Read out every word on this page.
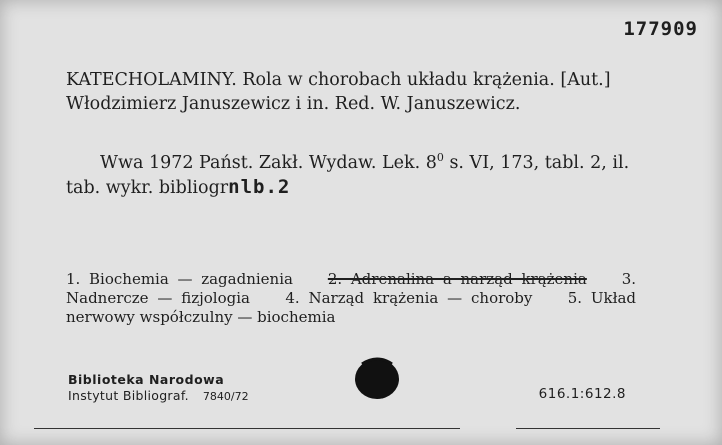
177909
KATECHOLAMINY. Rola w chorobach układu krążenia. [Aut.] Włodzimierz Januszewicz i in. Red. W. Januszewicz.
Wwa 1972 Państ. Zakł. Wydaw. Lek. $8^0$ s. VI, 173, tabl. 2, il. tab. wykr. bibliogrnlb.2
1. Biochemia — zagadnienia 2. Adrenalina a narząd krążenia 3. Nadnercze — fizjologia 4. Narząd krążenia — choroby 5. Układ nerwowy współczulny — biochemia
Biblioteka Narodowa
Instytut Bibliograf. 7840/72	616.1:612.8
